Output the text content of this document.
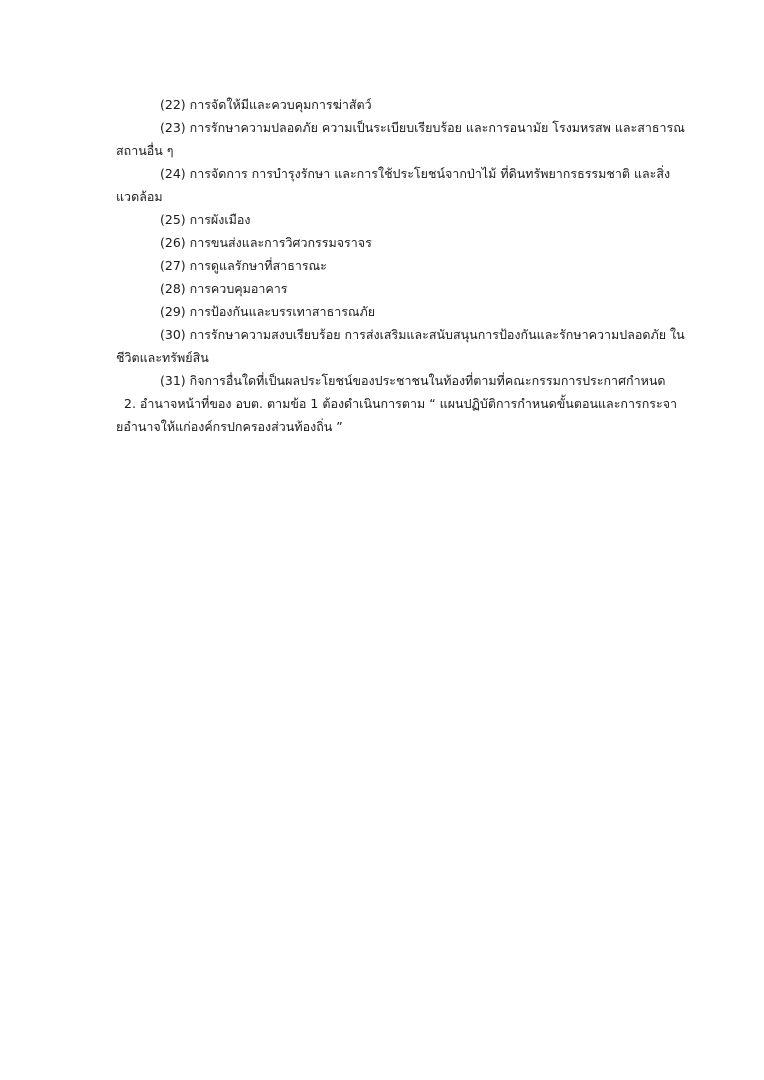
(22) การจัดให้มีและควบคุมการฆ่าสัตว์

(23) การรักษาความปลอดภัย ความเป็นระเบียบเรียบร้อย และการอนามัย โรงมหรสพ และสาธารณสถานอื่น ๆ

(24) การจัดการ การบำรุงรักษา และการใช้ประโยชน์จากป่าไม้ ที่ดินทรัพยากรธรรมชาติ และสิ่งแวดล้อม

(25) การผังเมือง

(26) การขนส่งและการวิศวกรรมจราจร

(27) การดูแลรักษาที่สาธารณะ

(28) การควบคุมอาคาร

(29) การป้องกันและบรรเทาสาธารณภัย

(30) การรักษาความสงบเรียบร้อย การส่งเสริมและสนับสนุนการป้องกันและรักษาความปลอดภัย ในชีวิตและทรัพย์สิน

(31) กิจการอื่นใดที่เป็นผลประโยชน์ของประชาชนในท้องที่ตามที่คณะกรรมการประกาศกำหนด

2. อำนาจหน้าที่ของ อบต. ตามข้อ 1 ต้องดำเนินการตาม “ แผนปฏิบัติการกำหนดขั้นตอนและการกระจายอำนาจให้แก่องค์กรปกครองส่วนท้องถิ่น ”
